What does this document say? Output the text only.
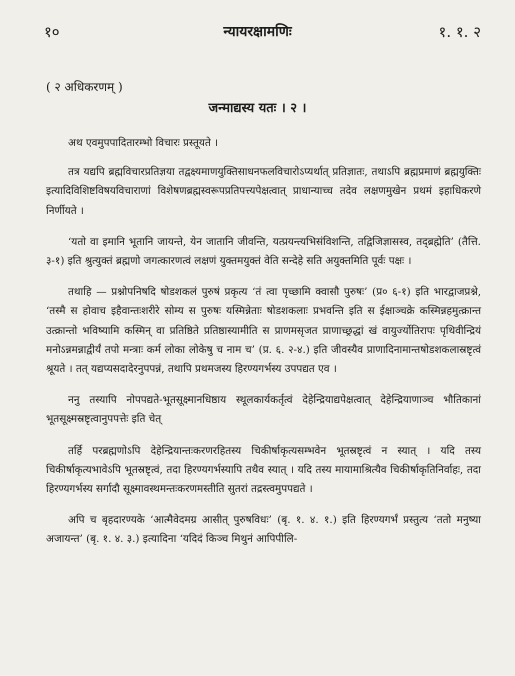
१०	न्यायरक्षामणिः	१. १. २
( २ अधिकरणम् )
जन्माद्यस्य यतः । २ ।

अथ एवमुपपादितारम्भो विचारः प्रस्तूयते ।

तत्र यद्यपि ब्रह्मविचारप्रतिज्ञया तद्वक्ष्यमाणयुक्तिसाधनफलविचारोऽप्यर्थात् प्रतिज्ञातः, तथाऽपि ब्रह्मप्रमाणं ब्रह्मयुक्तिः इत्यादिविशिष्टविषयविचाराणां विशेषणब्रह्मस्वरूपप्रतिपत्त्यपेक्षत्वात् प्राधान्याच्च तदेव लक्षणमुखेन प्रथमं इहाधिकरणे निर्णीयते ।

‘यतो वा इमानि भूतानि जायन्ते, येन जातानि जीवन्ति, यत्प्रयन्त्यभिसंविशन्ति, तद्विजिज्ञासस्व, तद्ब्रह्मेति’ (तैत्ति. ३-१) इति श्रुत्युक्तं ब्रह्मणो जगत्कारणत्वं लक्षणं युक्तमयुक्तं वेति सन्देहे सति अयुक्तमिति पूर्वः पक्षः ।

तथाहि — प्रश्नोपनिषदि षोडशकलं पुरुषं प्रकृत्य ‘तं त्वा पृच्छामि क्वासौ पुरुषः’ (प्र० ६-१) इति भारद्वाजप्रश्ने, ‘तस्मै स होवाच इहैवान्तःशरीरे सोम्य स पुरुषः यस्मिन्नेताः षोडशकलाः प्रभवन्ति इति स ईक्षाञ्चक्रे कस्मिन्नहमुत्क्रान्त उत्क्रान्तो भविष्यामि कस्मिन् वा प्रतिष्ठिते प्रतिष्ठास्यामीति स प्राणमसृजत प्राणाच्छ्रद्धां खं वायुर्ज्योतिरापः पृथिवीन्द्रियं मनोऽन्नमन्नाद्वीर्यं तपो मन्त्राः कर्म लोका लोकेषु च नाम च’ (प्र. ६. २-४.) इति जीवस्यैव प्राणादिनामान्तषोडशकलास्रष्टृत्वं श्रूयते । तत् यद्यप्यसदादेरनुपपन्नं, तथापि प्रथमजस्य हिरण्यगर्भस्य उपपद्यत एव ।

ननु तस्यापि नोपपद्यते-भूतसूक्ष्मानधिष्ठाय स्थूलकार्यकर्तृत्वं देहेन्द्रियाद्यपेक्षत्वात् देहेन्द्रियाणाञ्च भौतिकानां भूतसूक्ष्मस्रष्टृत्वानुपपत्तेः इति चेत्

तर्हि परब्रह्मणोऽपि देहेन्द्रियान्तःकरणरहितस्य चिकीर्षाकृत्यसम्भवेन भूतस्रष्टृत्वं न स्यात् । यदि तस्य चिकीर्षाकृत्यभावेऽपि भूतस्रष्टृत्वं, तदा हिरण्यगर्भस्यापि तथैव स्यात् । यदि तस्य मायामाश्रित्यैव चिकीर्षाकृतिनिर्वाहः, तदा हिरण्यगर्भस्य सर्गादौ सूक्ष्मावस्थमन्तःकरणमस्तीति सुतरां तद्रस्त्वमुपपद्यते ।

अपि च बृहदारण्यके ‘आत्मैवेदमग्र आसीत् पुरुषविधः’ (बृ. १. ४. १.) इति हिरण्यगर्भं प्रस्तुत्य ‘ततो मनुष्या अजायन्त’ (बृ. १. ४. ३.) इत्यादिना ‘यदिदं किञ्च मिथुनं आपिपीलि-
